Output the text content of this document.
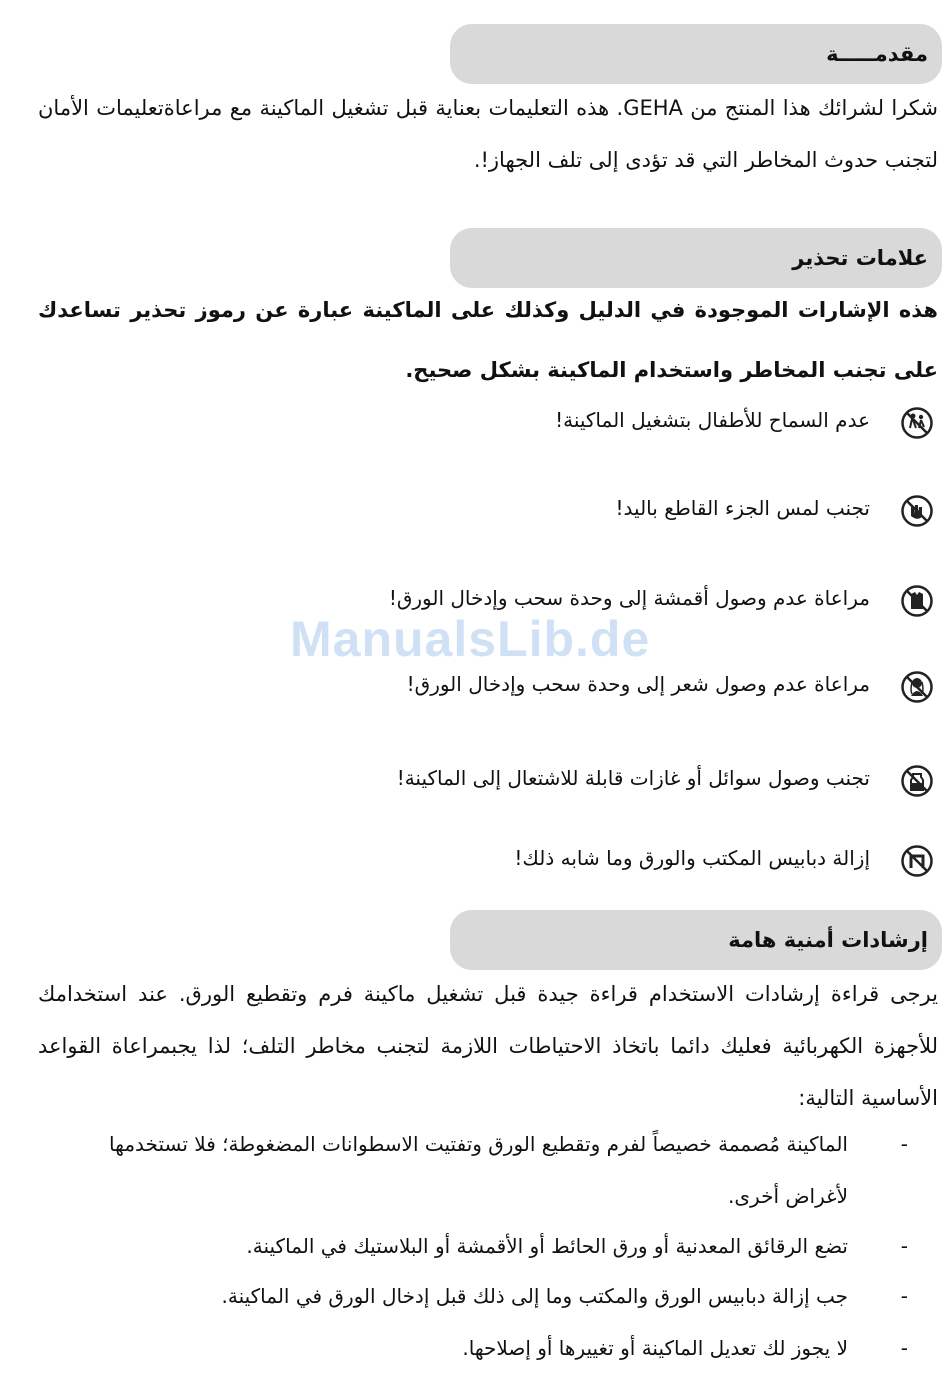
مقدمـــــة
شكرا لشرائك هذا المنتج من GEHA. هذه التعليمات بعناية قبل تشغيل الماكينة مع مراعاةتعليمات الأمان لتجنب حدوث المخاطر التي قد تؤدى إلى تلف الجهاز!.
علامات تحذير
هذه الإشارات الموجودة في الدليل وكذلك على الماكينة عبارة عن رموز تحذير تساعدك على تجنب المخاطر واستخدام الماكينة بشكل صحيح.
عدم السماح للأطفال بتشغيل الماكينة!
تجنب لمس الجزء القاطع باليد!
مراعاة عدم وصول أقمشة إلى وحدة سحب وإدخال الورق!
مراعاة عدم وصول شعر إلى وحدة سحب وإدخال الورق!
تجنب وصول سوائل أو غازات قابلة للاشتعال إلى الماكينة!
إزالة دبابيس المكتب والورق وما شابه ذلك!
إرشادات أمنية هامة
يرجى قراءة إرشادات الاستخدام قراءة جيدة قبل تشغيل ماكينة فرم وتقطيع الورق. عند استخدامك للأجهزة الكهربائية فعليك دائما باتخاذ الاحتياطات اللازمة لتجنب مخاطر التلف؛ لذا يجبمراعاة القواعد الأساسية التالية:
-
الماكينة مُصممة خصيصاً لفرم وتقطيع الورق وتفتيت الاسطوانات المضغوطة؛ فلا تستخدمها لأغراض أخرى.
-
تضع الرقائق المعدنية أو ورق الحائط أو الأقمشة أو البلاستيك في الماكينة.
-
جب إزالة دبابيس الورق والمكتب وما إلى ذلك قبل إدخال الورق في الماكينة.
-
لا يجوز لك تعديل الماكينة أو تغييرها أو إصلاحها.
ManualsLib.de
